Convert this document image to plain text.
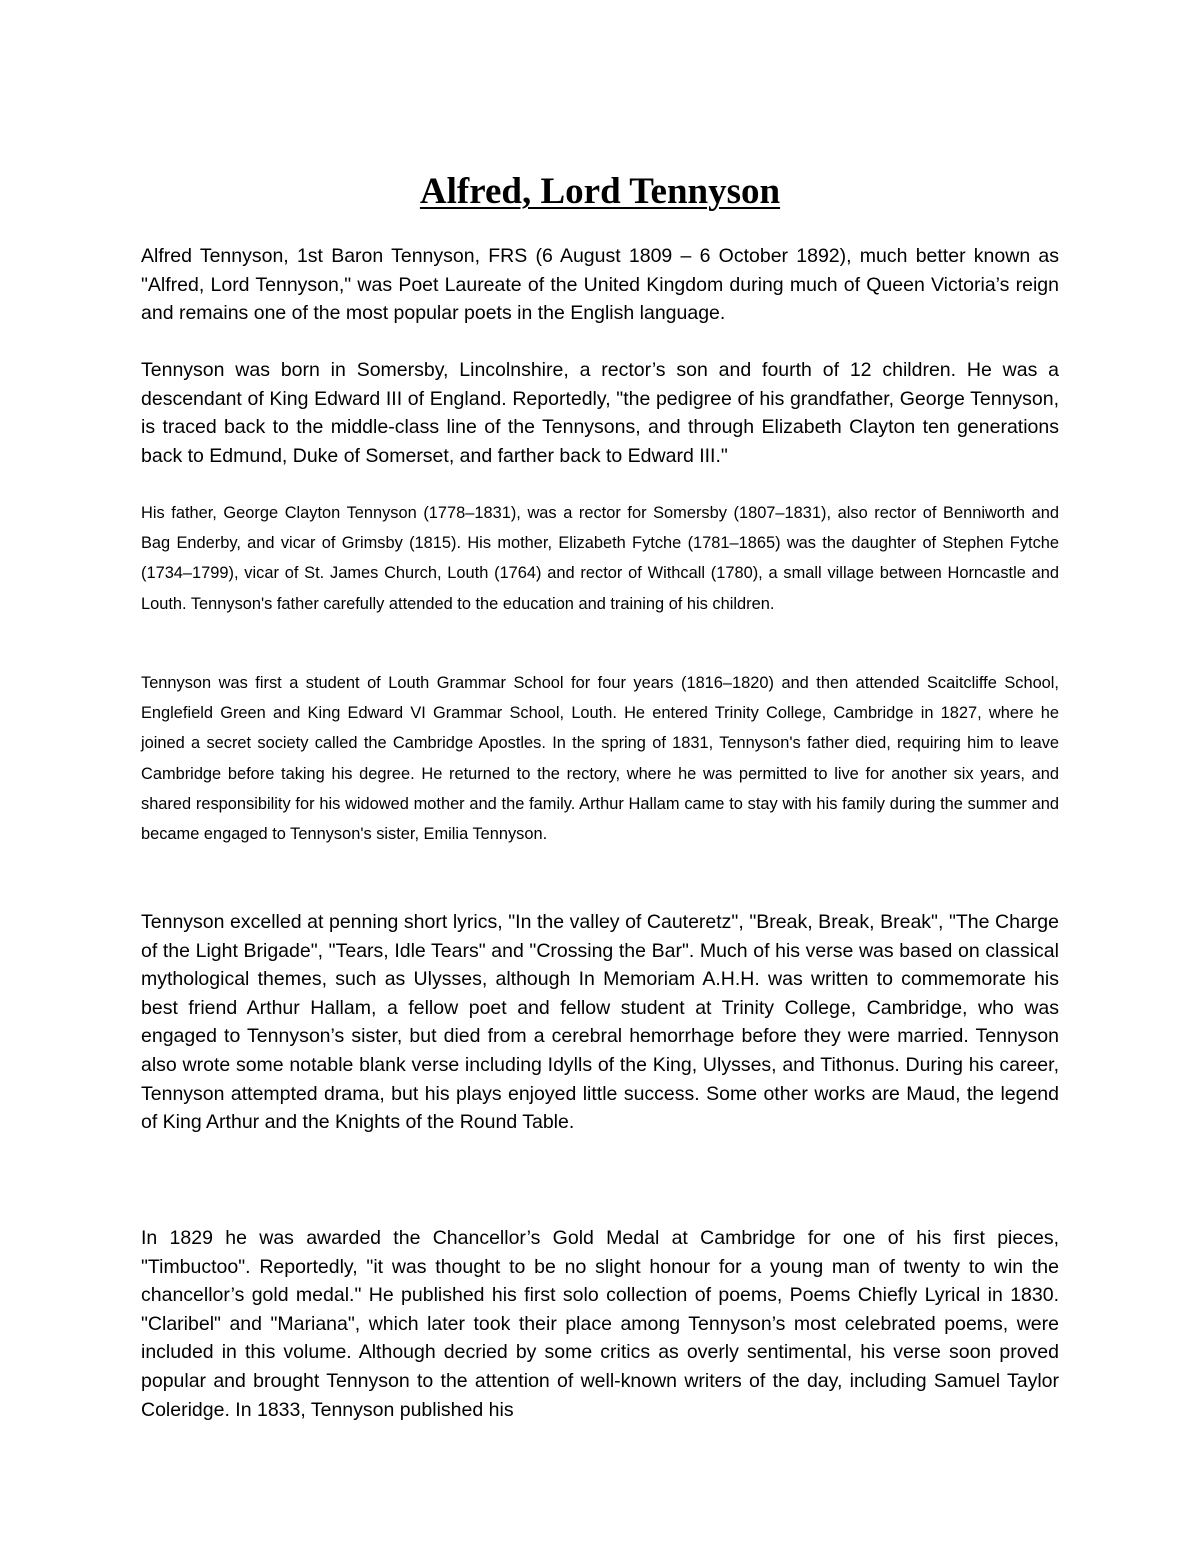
Alfred, Lord Tennyson

Alfred Tennyson, 1st Baron Tennyson, FRS (6 August 1809 – 6 October 1892), much better known as "Alfred, Lord Tennyson," was Poet Laureate of the United Kingdom during much of Queen Victoria’s reign and remains one of the most popular poets in the English language.

Tennyson was born in Somersby, Lincolnshire, a rector’s son and fourth of 12 children. He was a descendant of King Edward III of England. Reportedly, "the pedigree of his grandfather, George Tennyson, is traced back to the middle-class line of the Tennysons, and through Elizabeth Clayton ten generations back to Edmund, Duke of Somerset, and farther back to Edward III."

His father, George Clayton Tennyson (1778–1831), was a rector for Somersby (1807–1831), also rector of Benniworth and Bag Enderby, and vicar of Grimsby (1815). His mother, Elizabeth Fytche (1781–1865) was the daughter of Stephen Fytche (1734–1799), vicar of St. James Church, Louth (1764) and rector of Withcall (1780), a small village between Horncastle and Louth. Tennyson's father carefully attended to the education and training of his children.

Tennyson was first a student of Louth Grammar School for four years (1816–1820) and then attended Scaitcliffe School, Englefield Green and King Edward VI Grammar School, Louth. He entered Trinity College, Cambridge in 1827, where he joined a secret society called the Cambridge Apostles. In the spring of 1831, Tennyson's father died, requiring him to leave Cambridge before taking his degree. He returned to the rectory, where he was permitted to live for another six years, and shared responsibility for his widowed mother and the family. Arthur Hallam came to stay with his family during the summer and became engaged to Tennyson's sister, Emilia Tennyson.

Tennyson excelled at penning short lyrics, "In the valley of Cauteretz", "Break, Break, Break", "The Charge of the Light Brigade", "Tears, Idle Tears" and "Crossing the Bar". Much of his verse was based on classical mythological themes, such as Ulysses, although In Memoriam A.H.H. was written to commemorate his best friend Arthur Hallam, a fellow poet and fellow student at Trinity College, Cambridge, who was engaged to Tennyson’s sister, but died from a cerebral hemorrhage before they were married. Tennyson also wrote some notable blank verse including Idylls of the King, Ulysses, and Tithonus. During his career, Tennyson attempted drama, but his plays enjoyed little success. Some other works are Maud, the legend of King Arthur and the Knights of the Round Table.

In 1829 he was awarded the Chancellor’s Gold Medal at Cambridge for one of his first pieces, "Timbuctoo". Reportedly, "it was thought to be no slight honour for a young man of twenty to win the chancellor’s gold medal." He published his first solo collection of poems, Poems Chiefly Lyrical in 1830. "Claribel" and "Mariana", which later took their place among Tennyson’s most celebrated poems, were included in this volume. Although decried by some critics as overly sentimental, his verse soon proved popular and brought Tennyson to the attention of well-known writers of the day, including Samuel Taylor Coleridge. In 1833, Tennyson published his
